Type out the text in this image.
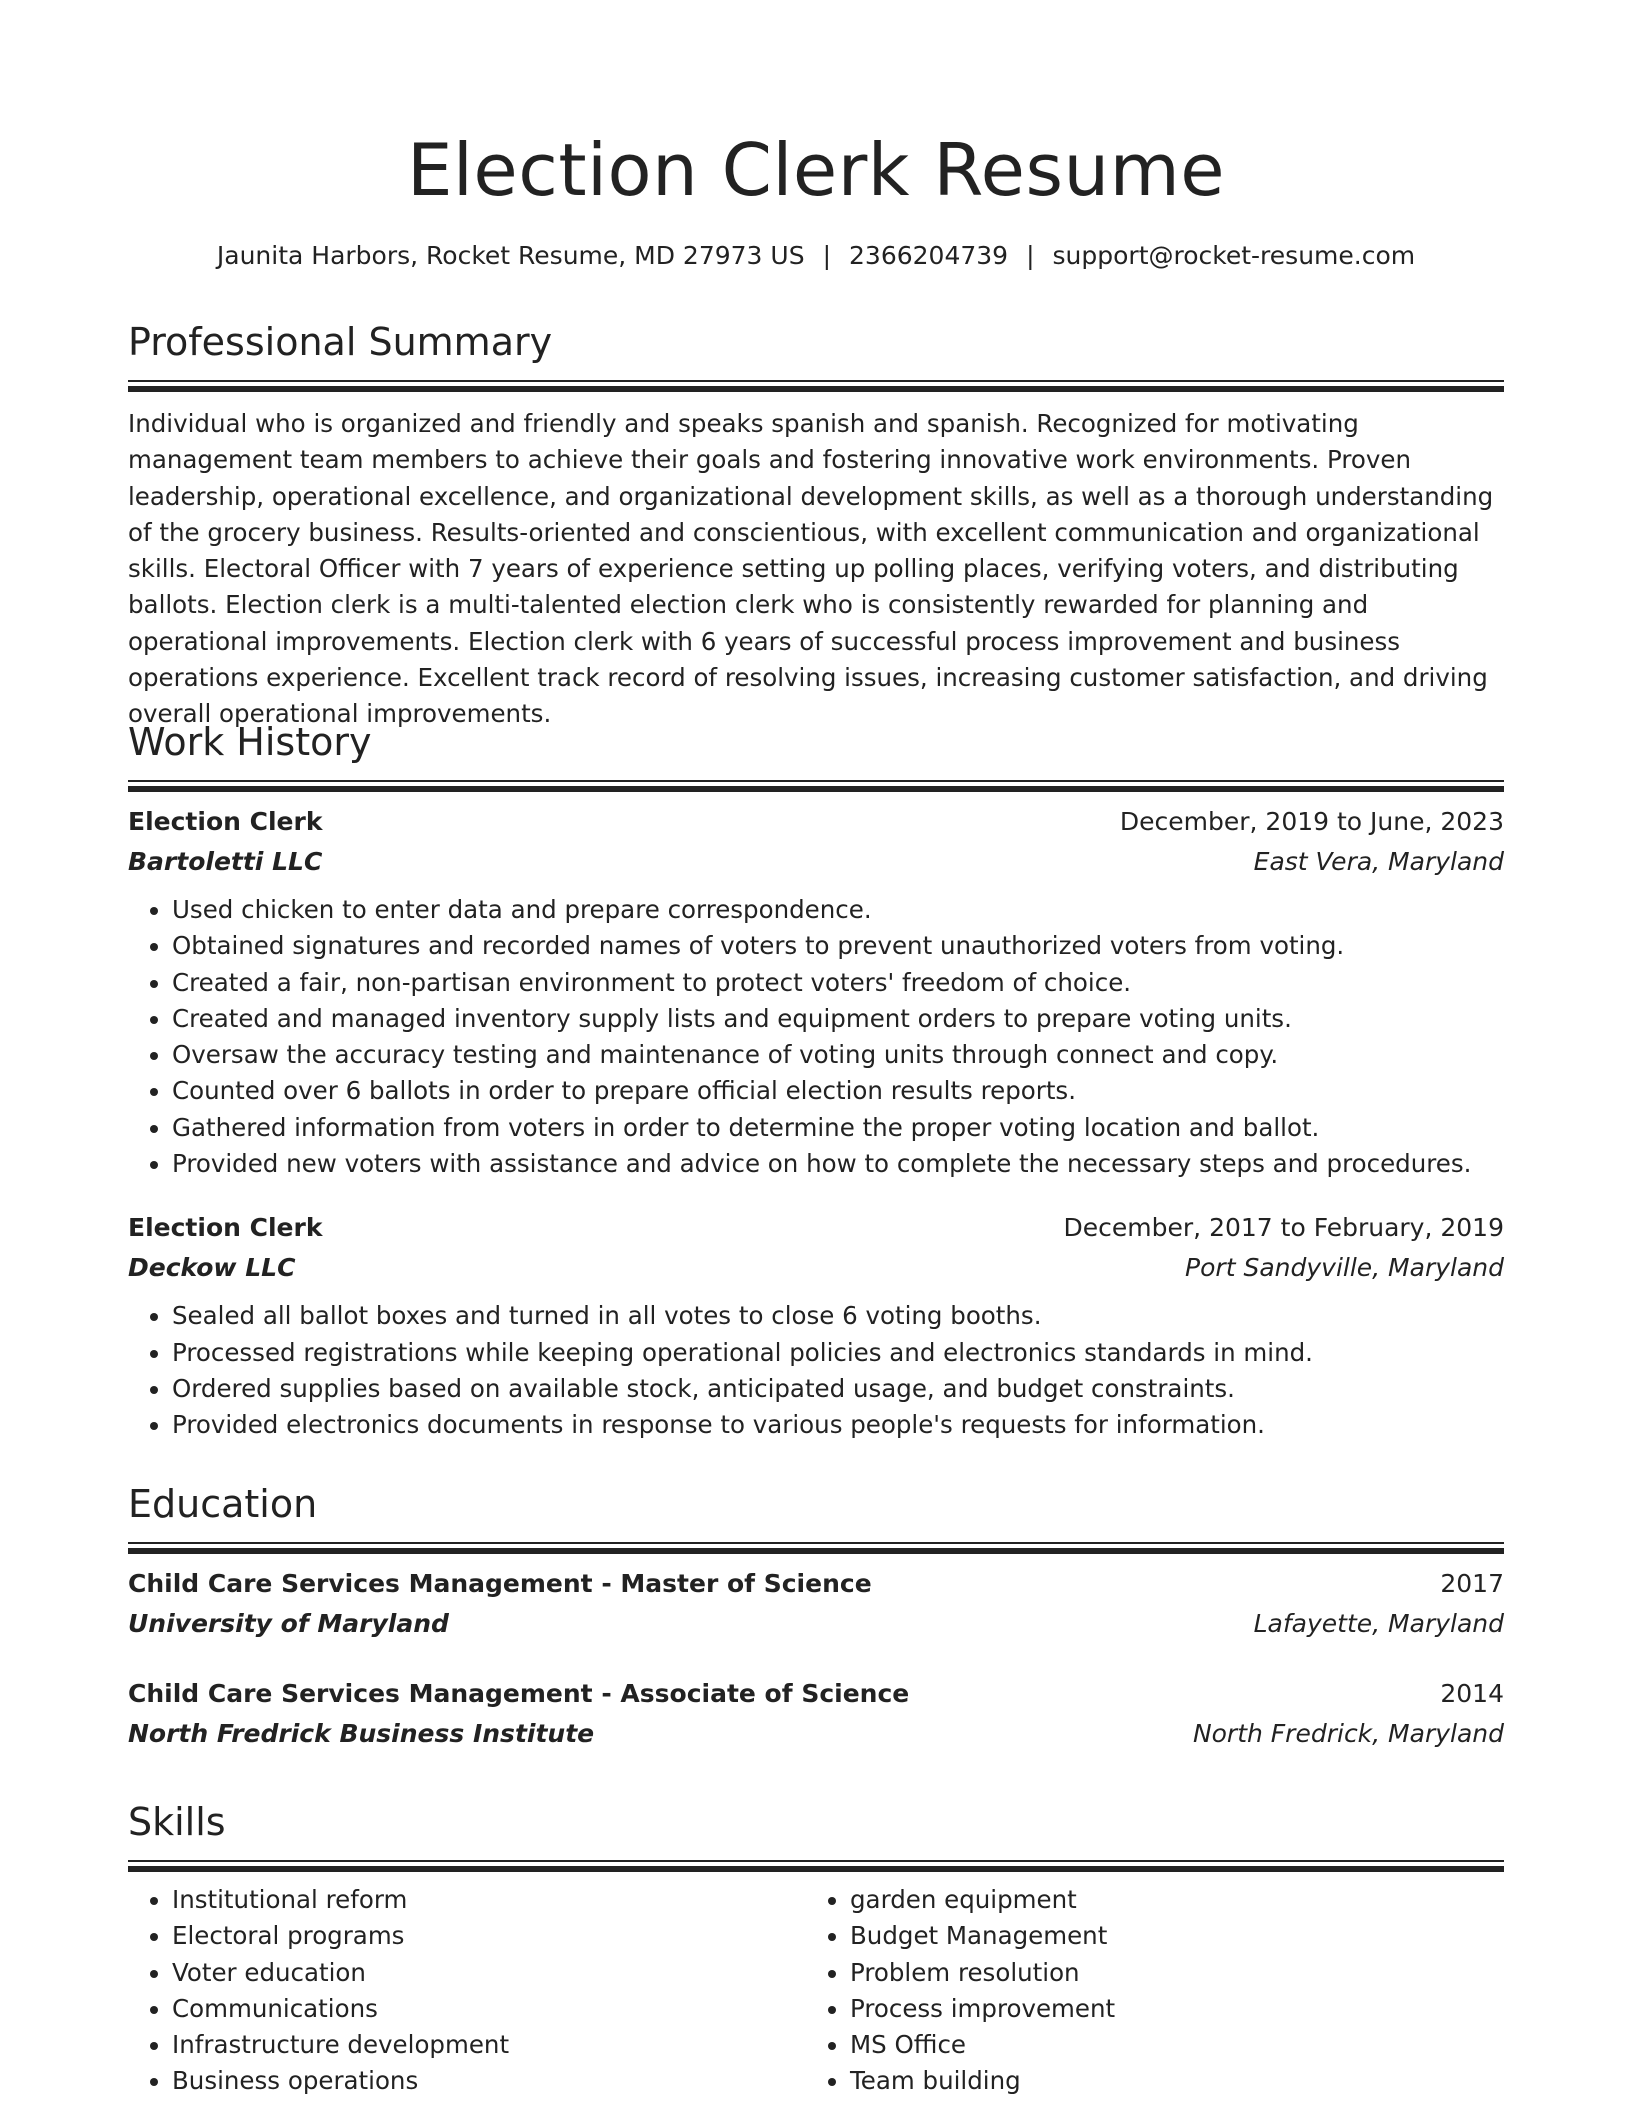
Election Clerk Resume
Jaunita Harbors, Rocket Resume, MD 27973 US | 2366204739 | support@rocket-resume.com
Professional Summary
Individual who is organized and friendly and speaks spanish and spanish. Recognized for motivating management team members to achieve their goals and fostering innovative work environments. Proven leadership, operational excellence, and organizational development skills, as well as a thorough understanding of the grocery business. Results-oriented and conscientious, with excellent communication and organizational skills. Electoral Officer with 7 years of experience setting up polling places, verifying voters, and distributing ballots. Election clerk is a multi-talented election clerk who is consistently rewarded for planning and operational improvements. Election clerk with 6 years of successful process improvement and business operations experience. Excellent track record of resolving issues, increasing customer satisfaction, and driving overall operational improvements.
Work History
Election Clerk	December, 2019 to June, 2023
Bartoletti LLC	East Vera, Maryland
• Used chicken to enter data and prepare correspondence.
• Obtained signatures and recorded names of voters to prevent unauthorized voters from voting.
• Created a fair, non-partisan environment to protect voters' freedom of choice.
• Created and managed inventory supply lists and equipment orders to prepare voting units.
• Oversaw the accuracy testing and maintenance of voting units through connect and copy.
• Counted over 6 ballots in order to prepare official election results reports.
• Gathered information from voters in order to determine the proper voting location and ballot.
• Provided new voters with assistance and advice on how to complete the necessary steps and procedures.
Election Clerk	December, 2017 to February, 2019
Deckow LLC	Port Sandyville, Maryland
• Sealed all ballot boxes and turned in all votes to close 6 voting booths.
• Processed registrations while keeping operational policies and electronics standards in mind.
• Ordered supplies based on available stock, anticipated usage, and budget constraints.
• Provided electronics documents in response to various people's requests for information.
Education
Child Care Services Management - Master of Science	2017
University of Maryland	Lafayette, Maryland
Child Care Services Management - Associate of Science	2014
North Fredrick Business Institute	North Fredrick, Maryland
Skills
• Institutional reform
• Electoral programs
• Voter education
• Communications
• Infrastructure development
• Business operations
• garden equipment
• Budget Management
• Problem resolution
• Process improvement
• MS Office
• Team building
